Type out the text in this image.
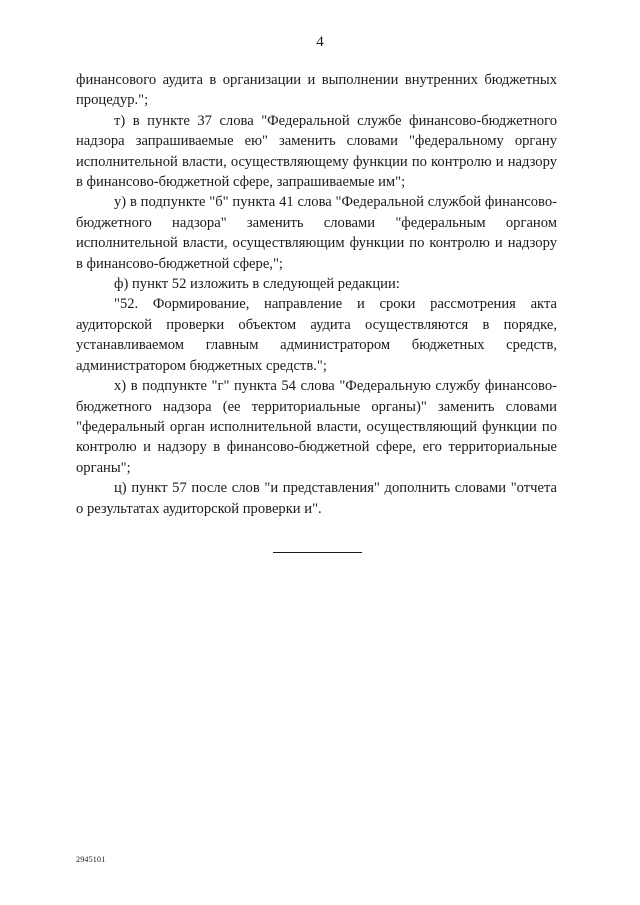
4

финансового аудита в организации и выполнении внутренних бюджетных процедур.";

т) в пункте 37 слова "Федеральной службе финансово-бюджетного надзора запрашиваемые ею" заменить словами "федеральному органу исполнительной власти, осуществляющему функции по контролю и надзору в финансово-бюджетной сфере, запрашиваемые им";

у) в подпункте "б" пункта 41 слова "Федеральной службой финансово-бюджетного надзора" заменить словами "федеральным органом исполнительной власти, осуществляющим функции по контролю и надзору в финансово-бюджетной сфере,";

ф) пункт 52 изложить в следующей редакции:

"52. Формирование, направление и сроки рассмотрения акта аудиторской проверки объектом аудита осуществляются в порядке, устанавливаемом главным администратором бюджетных средств, администратором бюджетных средств.";

х) в подпункте "г" пункта 54 слова "Федеральную службу финансово-бюджетного надзора (ее территориальные органы)" заменить словами "федеральный орган исполнительной власти, осуществляющий функции по контролю и надзору в финансово-бюджетной сфере, его территориальные органы";

ц) пункт 57 после слов "и представления" дополнить словами "отчета о результатах аудиторской проверки и".

2945101
